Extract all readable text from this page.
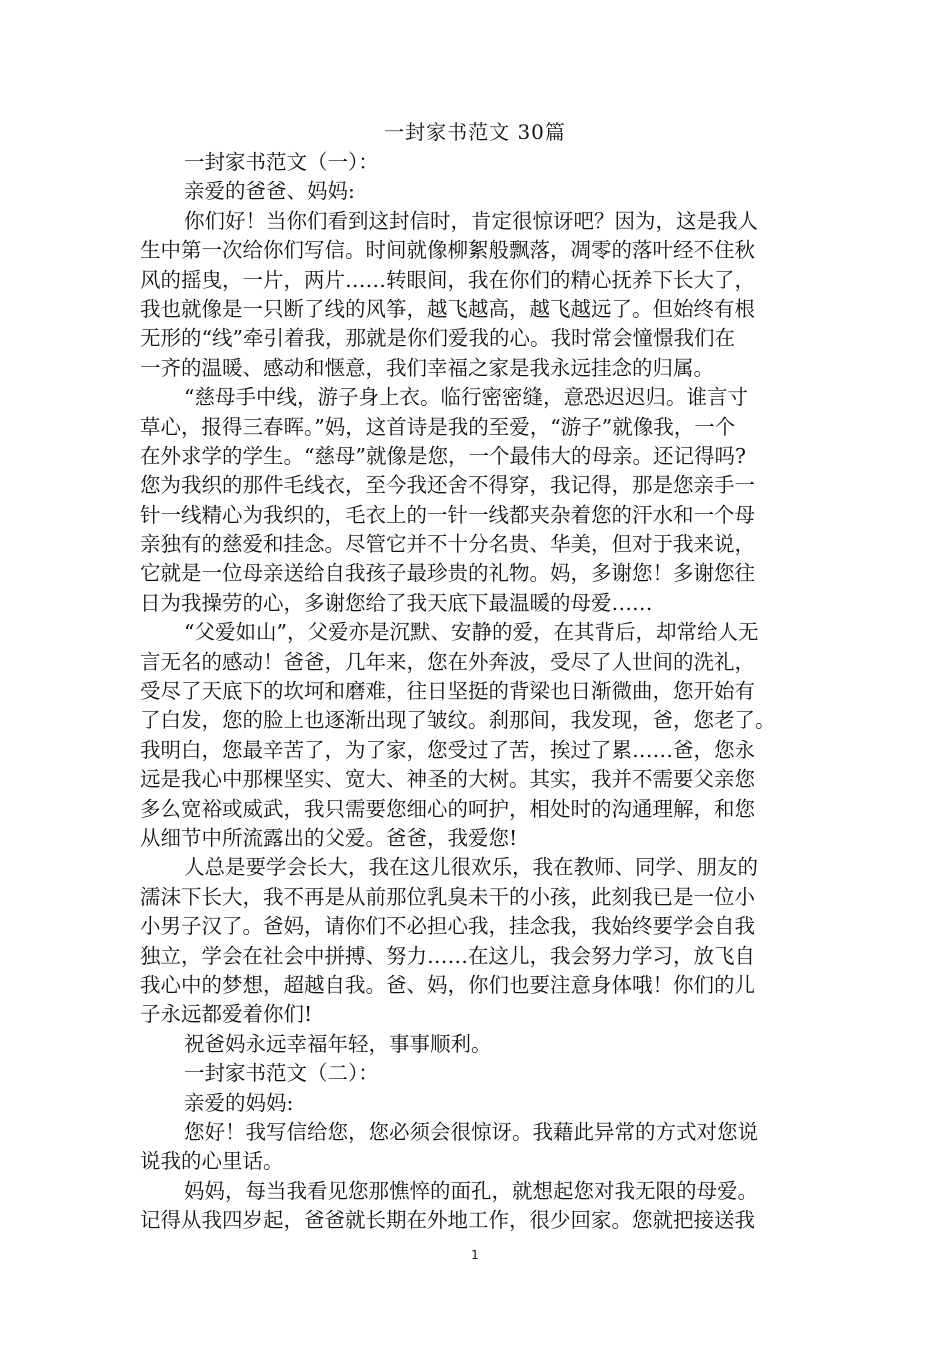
一封家书范文 30篇
一封家书范文（一）：
亲爱的爸爸、妈妈:
你们好！当你们看到这封信时，肯定很惊讶吧？因为，这是我人
生中第一次给你们写信。时间就像柳絮般飘落，凋零的落叶经不住秋
风的摇曳，一片，两片……转眼间，我在你们的精心抚养下长大了，
我也就像是一只断了线的风筝，越飞越高，越飞越远了。但始终有根
无形的“线”牵引着我，那就是你们爱我的心。我时常会憧憬我们在
一齐的温暖、感动和惬意，我们幸福之家是我永远挂念的归属。
“慈母手中线，游子身上衣。临行密密缝，意恐迟迟归。谁言寸
草心，报得三春晖。”妈，这首诗是我的至爱，“游子”就像我，一个
在外求学的学生。“慈母”就像是您，一个最伟大的母亲。还记得吗?
您为我织的那件毛线衣，至今我还舍不得穿，我记得，那是您亲手一
针一线精心为我织的，毛衣上的一针一线都夹杂着您的汗水和一个母
亲独有的慈爱和挂念。尽管它并不十分名贵、华美，但对于我来说，
它就是一位母亲送给自我孩子最珍贵的礼物。妈，多谢您！多谢您往
日为我操劳的心，多谢您给了我天底下最温暖的母爱……
“父爱如山”，父爱亦是沉默、安静的爱，在其背后，却常给人无
言无名的感动！爸爸，几年来，您在外奔波，受尽了人世间的洗礼，
受尽了天底下的坎坷和磨难，往日坚挺的背梁也日渐微曲，您开始有
了白发，您的脸上也逐渐出现了皱纹。刹那间，我发现，爸，您老了。
我明白，您最辛苦了，为了家，您受过了苦，挨过了累……爸，您永
远是我心中那棵坚实、宽大、神圣的大树。其实，我并不需要父亲您
多么宽裕或威武，我只需要您细心的呵护，相处时的沟通理解，和您
从细节中所流露出的父爱。爸爸，我爱您!
人总是要学会长大，我在这儿很欢乐，我在教师、同学、朋友的
濡沫下长大，我不再是从前那位乳臭未干的小孩，此刻我已是一位小
小男子汉了。爸妈，请你们不必担心我，挂念我，我始终要学会自我
独立，学会在社会中拼搏、努力……在这儿，我会努力学习，放飞自
我心中的梦想，超越自我。爸、妈，你们也要注意身体哦！你们的儿
子永远都爱着你们!
祝爸妈永远幸福年轻，事事顺利。
一封家书范文（二）：
亲爱的妈妈:
您好！我写信给您，您必须会很惊讶。我藉此异常的方式对您说
说我的心里话。
妈妈，每当我看见您那憔悴的面孔，就想起您对我无限的母爱。
记得从我四岁起，爸爸就长期在外地工作，很少回家。您就把接送我
1
